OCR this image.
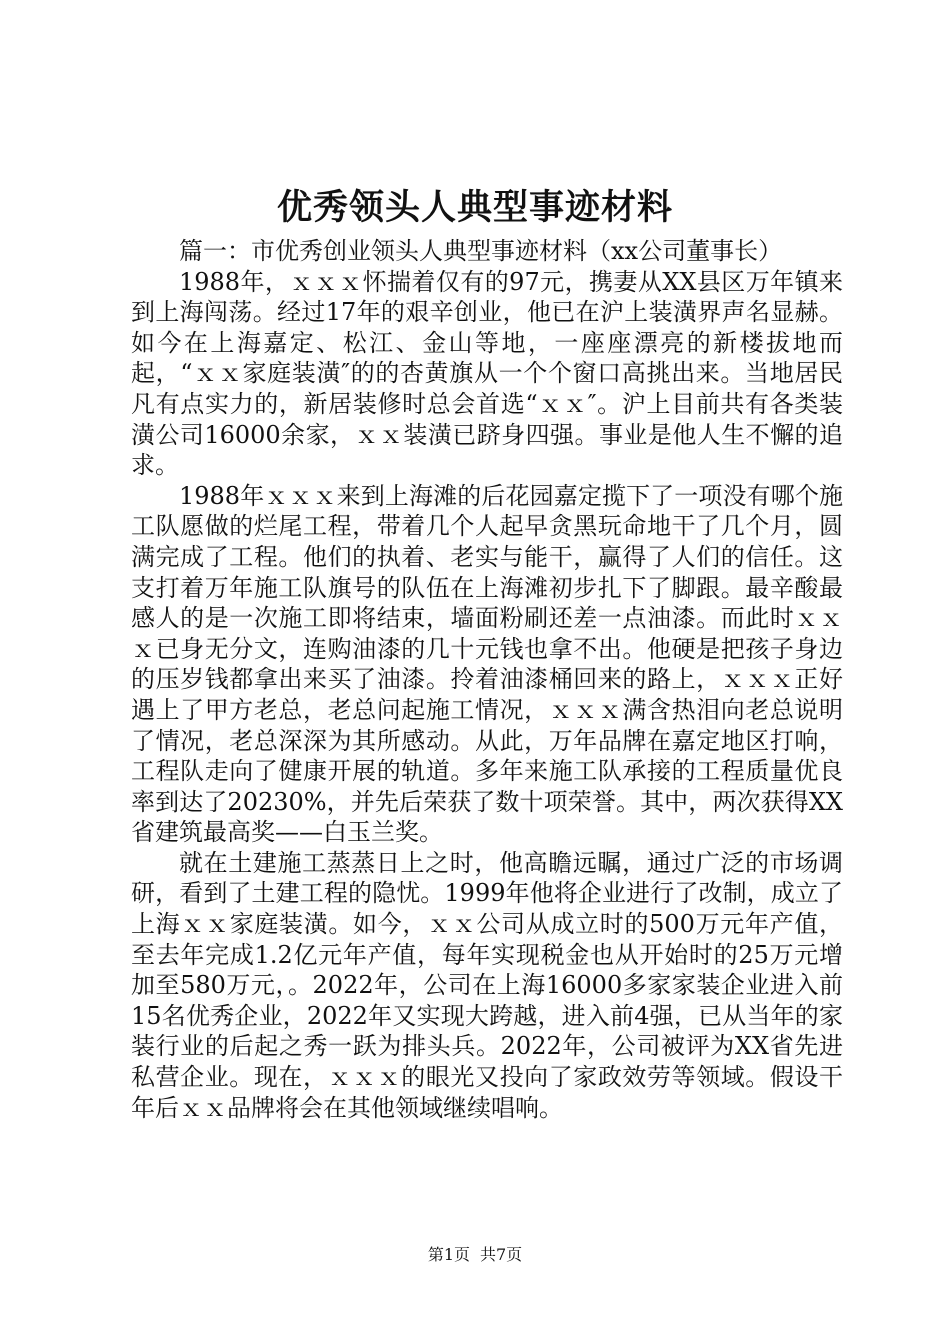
优秀领头人典型事迹材料

篇一：市优秀创业领头人典型事迹材料（xx公司董事长）

1988年，ｘｘｘ怀揣着仅有的97元，携妻从XX县区万年镇来到上海闯荡。经过17年的艰辛创业，他已在沪上装潢界声名显赫。如今在上海嘉定、松江、金山等地，一座座漂亮的新楼拔地而起，“ｘｘ家庭装潢″的的杏黄旗从一个个窗口高挑出来。当地居民凡有点实力的，新居装修时总会首选“ｘｘ″。沪上目前共有各类装潢公司16000余家，ｘｘ装潢已跻身四强。事业是他人生不懈的追求。

1988年ｘｘｘ来到上海滩的后花园嘉定揽下了一项没有哪个施工队愿做的烂尾工程，带着几个人起早贪黑玩命地干了几个月，圆满完成了工程。他们的执着、老实与能干，赢得了人们的信任。这支打着万年施工队旗号的队伍在上海滩初步扎下了脚跟。最辛酸最感人的是一次施工即将结束，墙面粉刷还差一点油漆。而此时ｘｘｘ已身无分文，连购油漆的几十元钱也拿不出。他硬是把孩子身边的压岁钱都拿出来买了油漆。拎着油漆桶回来的路上，ｘｘｘ正好遇上了甲方老总，老总问起施工情况，ｘｘｘ满含热泪向老总说明了情况，老总深深为其所感动。从此，万年品牌在嘉定地区打响，工程队走向了健康开展的轨道。多年来施工队承接的工程质量优良率到达了20230%，并先后荣获了数十项荣誉。其中，两次获得XX省建筑最高奖——白玉兰奖。

就在土建施工蒸蒸日上之时，他高瞻远瞩，通过广泛的市场调研，看到了土建工程的隐忧。1999年他将企业进行了改制，成立了上海ｘｘ家庭装潢。如今，ｘｘ公司从成立时的500万元年产值，至去年完成1.2亿元年产值，每年实现税金也从开始时的25万元增加至580万元，。2022年，公司在上海16000多家家装企业进入前15名优秀企业，2022年又实现大跨越，进入前4强，已从当年的家装行业的后起之秀一跃为排头兵。2022年，公司被评为XX省先进私营企业。现在，ｘｘｘ的眼光又投向了家政效劳等领域。假设干年后ｘｘ品牌将会在其他领域继续唱响。

第1页 共7页
